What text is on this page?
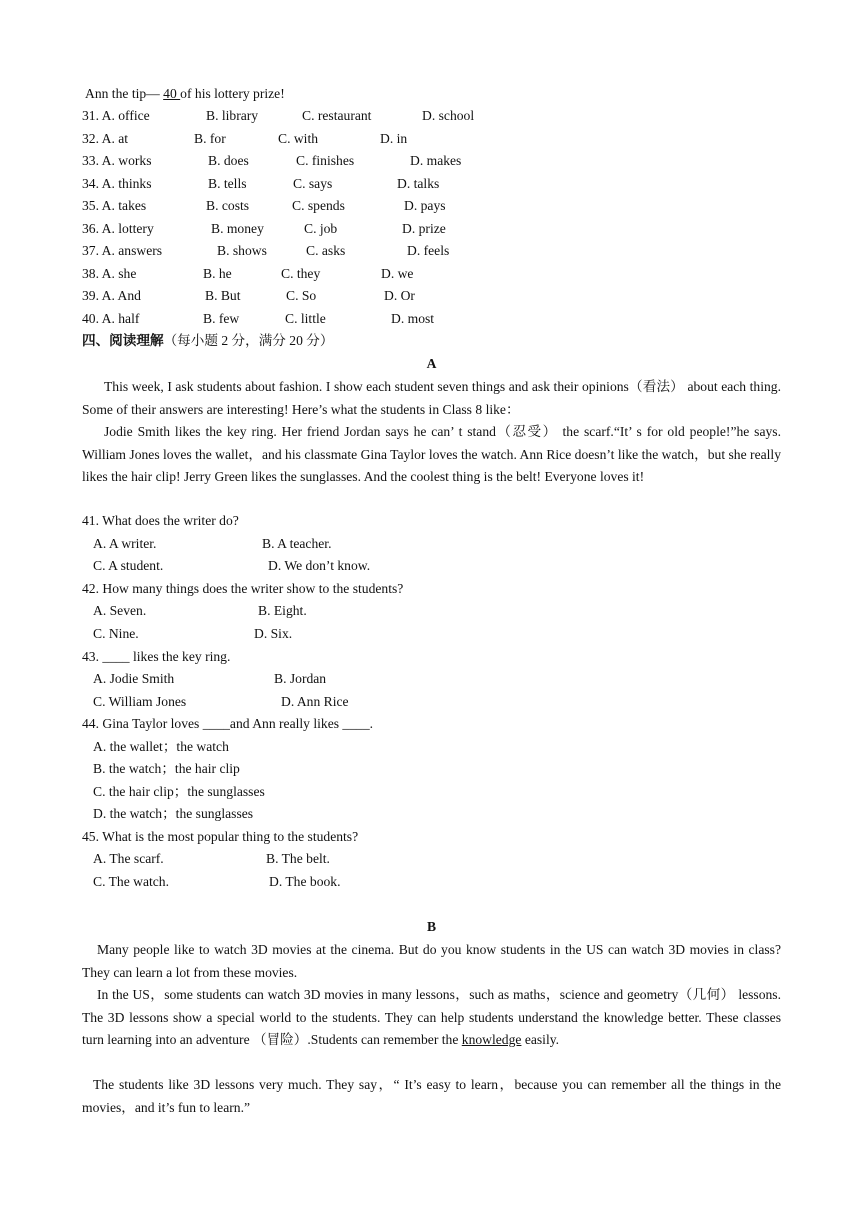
Ann the tip— 40 of his lottery prize!
31. A. office	B. library	C. restaurant	D. school
32. A. at	B. for	C. with	D. in
33. A. works	B. does	C. finishes	D. makes
34. A. thinks	B. tells	C. says	D. talks
35. A. takes	B. costs	C. spends	D. pays
36. A. lottery	B. money	C. job	D. prize
37. A. answers	B. shows	C. asks	D. feels
38. A. she	B. he	C. they	D. we
39. A. And	B. But	C. So	D. Or
40. A. half	B. few	C. little	D. most
四、阅读理解（每小题 2 分，满分 20 分）
A
This week, I ask students about fashion. I show each student seven things and ask their opinions（看法） about each thing. Some of their answers are interesting! Here’s what the students in Class 8 like：
Jodie Smith likes the key ring. Her friend Jordan says he can’ t stand（忍受） the scarf.“It’ s for old people!”he says. William Jones loves the wallet，and his classmate Gina Taylor loves the watch. Ann Rice doesn’t like the watch，but she really likes the hair clip! Jerry Green likes the sunglasses. And the coolest thing is the belt! Everyone loves it!
41. What does the writer do?
A. A writer.	B. A teacher.
C. A student.	D. We don’t know.
42. How many things does the writer show to the students?
A. Seven.	B. Eight.
C. Nine.	D. Six.
43. ____ likes the key ring.
A. Jodie Smith	B. Jordan
C. William Jones	D. Ann Rice
44. Gina Taylor loves ____and Ann really likes ____.
A. the wallet；the watch
B. the watch；the hair clip
C. the hair clip；the sunglasses
D. the watch；the sunglasses
45. What is the most popular thing to the students?
A. The scarf.	B. The belt.
C. The watch.	D. The book.
B
Many people like to watch 3D movies at the cinema. But do you know students in the US can watch 3D movies in class? They can learn a lot from these movies.
In the US，some students can watch 3D movies in many lessons，such as maths，science and geometry（几何） lessons. The 3D lessons show a special world to the students. They can help students understand the knowledge better. These classes turn learning into an adventure （冒险）.Students can remember the knowledge easily.
The students like 3D lessons very much. They say，“ It’s easy to learn，because you can remember all the things in the movies，and it’s fun to learn.”
